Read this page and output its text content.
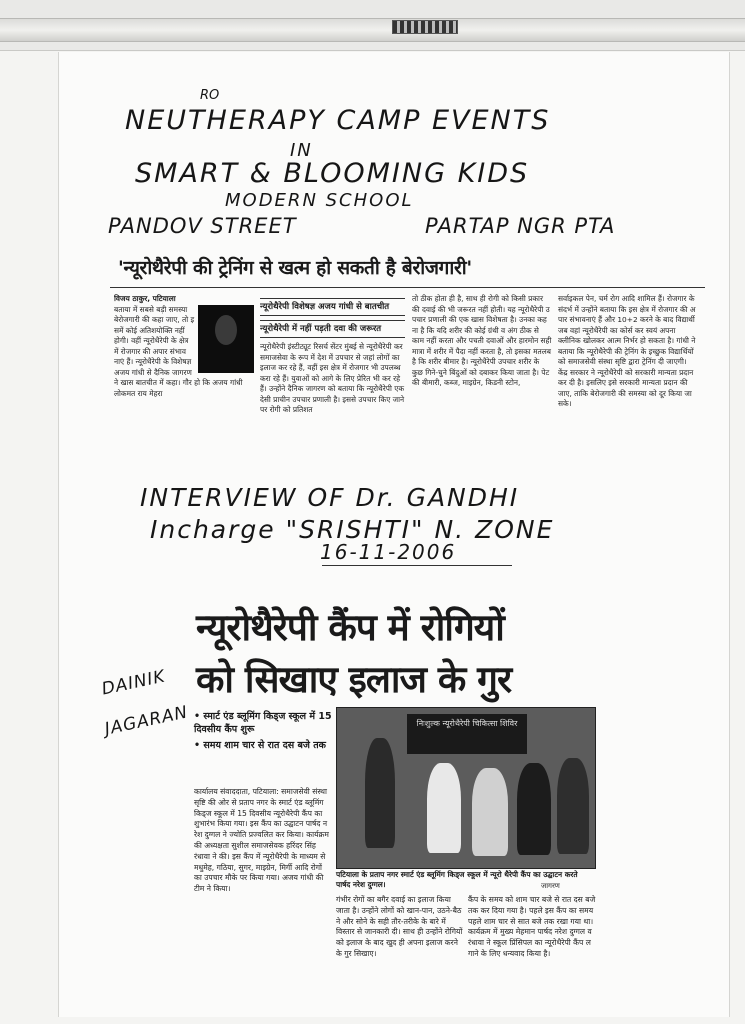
RO
NEUTHERAPY CAMP EVENTS
IN
SMART & BLOOMING KIDS
MODERN SCHOOL
PANDOV STREET	PARTAP NGR PTA
'न्यूरोथैरेपी की ट्रेनिंग से खत्म हो सकती है बेरोजगारी'
विजय ठाकुर, पटियाला
बताया में सबसे बड़ी समस्या बेरोजगारी की कहा जाए, तो इसमें कोई अतिशयोक्ति नहीं होगी। वहीं न्यूरोथैरेपी के क्षेत्र में रोजगार की अपार संभावनाएं हैं। न्यूरोथैरेपी के विशेषज्ञ अजय गांधी से दैनिक जागरण ने खास बातचीत में कहा। गौर हो कि अजय गांधी लोकमत राय मेहरा
न्यूरोथैरेपी विशेषज्ञ अजय गांधी से बातचीत
न्यूरोथैरेपी में नहीं पड़ती दवा की जरूरत
न्यूरोथैरेपी इंस्टीट्यूट रिसर्च सेंटर मुंबई से न्यूरोथैरेपी कर समाजसेवा के रूप में देश में उपचार से जहां लोगों का इलाज कर रहे हैं, वहीं इस क्षेत्र में रोजगार भी उपलब्ध करा रहे हैं। युवाओं को आगे के लिए प्रेरित भी कर रहे हैं। उन्होंने दैनिक जागरण को बताया कि न्यूरोथैरेपी एक देसी प्राचीन उपचार प्रणाली है। इससे उपचार किए जाने पर रोगी को प्रतिशत
तो ठीक होता ही है, साथ ही रोगी को किसी प्रकार की दवाई की भी जरूरत नहीं होती। यह न्यूरोथैरेपी उपचार प्रणाली की एक खास विशेषता है। उनका कहना है कि यदि शरीर की कोई ग्रंथी व अंग ठीक से काम नहीं करता और पचती दवाओं और हारमोन सही मात्रा में शरीर में पैदा नहीं करता है, तो इसका मतलब है कि शरीर बीमार है। न्यूरोथैरेपी उपचार शरीर के कुछ गिने-चुने बिंदुओं को दबाकर किया जाता है। पेट की बीमारी, कब्ज, माइग्रेन, किडनी स्टोन,
सर्वाइकल पेन, चर्म रोग आदि शामिल हैं। रोजगार के संदर्भ में उन्होंने बताया कि इस क्षेत्र में रोजगार की अपार संभावनाएं हैं और 10+2 करने के बाद विद्यार्थी जब वहां न्यूरोथैरेपी का कोर्स कर स्वयं अपना क्लीनिक खोलकर आत्म निर्भर हो सकता है। गांधी ने बताया कि न्यूरोथैरेपी की ट्रेनिंग के इच्छुक विद्यार्थियों को समाजसेवी संस्था सृष्टि द्वारा ट्रेनिंग दी जाएगी। केंद्र सरकार ने न्यूरोथैरेपी को सरकारी मान्यता प्रदान कर दी है। इसलिए इसे सरकारी मान्यता प्रदान की जाए, ताकि बेरोजगारी की समस्या को दूर किया जा सके।
INTERVIEW OF Dr. GANDHI
Incharge "SRISHTI" N. ZONE
16-11-2006
DAINIK
JAGARAN
न्यूरोथैरेपी कैंप में रोगियों
को सिखाए इलाज के गुर
• स्मार्ट एंड ब्लूमिंग किड्ज स्कूल में 15 दिवसीय कैंप शुरू
• समय शाम चार से रात दस बजे तक
निःशुल्क न्यूरोथैरेपी चिकित्सा शिविर
पटियाला के प्रताप नगर स्मार्ट एंड ब्लूमिंग किड्ज स्कूल में न्यूरो थैरेपी कैंप का उद्घाटन करते पार्षद नरेश दुग्गल।	जागरण
कार्यालय संवाददाता, पटियाला: समाजसेवी संस्था सृष्टि की ओर से प्रताप नगर के स्मार्ट एंड ब्लूमिंग किड्ज स्कूल में 15 दिवसीय न्यूरोथैरेपी कैंप का शुभारंभ किया गया। इस कैंप का उद्घाटन पार्षद नरेश दुग्गल ने ज्योति प्रज्वलित कर किया। कार्यक्रम की अध्यक्षता सुशील समाजसेवक हरिंदर सिंह रंधावा ने की। इस कैंप में न्यूरोथैरेपी के माध्यम से मधुमेह, गठिया, सुगर, माइग्रेन, मिर्गी आदि रोगों का उपचार मौके पर किया गया। अजय गांधी की टीम ने किया।
गंभीर रोगों का बगैर दवाई का इलाज किया जाता है। उन्होंने लोगों को खान-पान, उठने-बैठने और सोने के सही तौर-तरीके के बारे में विस्तार से जानकारी दी। साथ ही उन्होंने रोगियों को इलाज के बाद खुद ही अपना इलाज करने के गुर सिखाए।
कैंप के समय को शाम चार बजे से रात दस बजे तक कर दिया गया है। पहले इस कैंप का समय पहले शाम चार से सात बजे तक रखा गया था। कार्यक्रम में मुख्य मेहमान पार्षद नरेश दुग्गल व रंधावा ने स्कूल प्रिंसिपल का न्यूरोथैरेपी कैंप लगाने के लिए धन्यवाद किया है।
